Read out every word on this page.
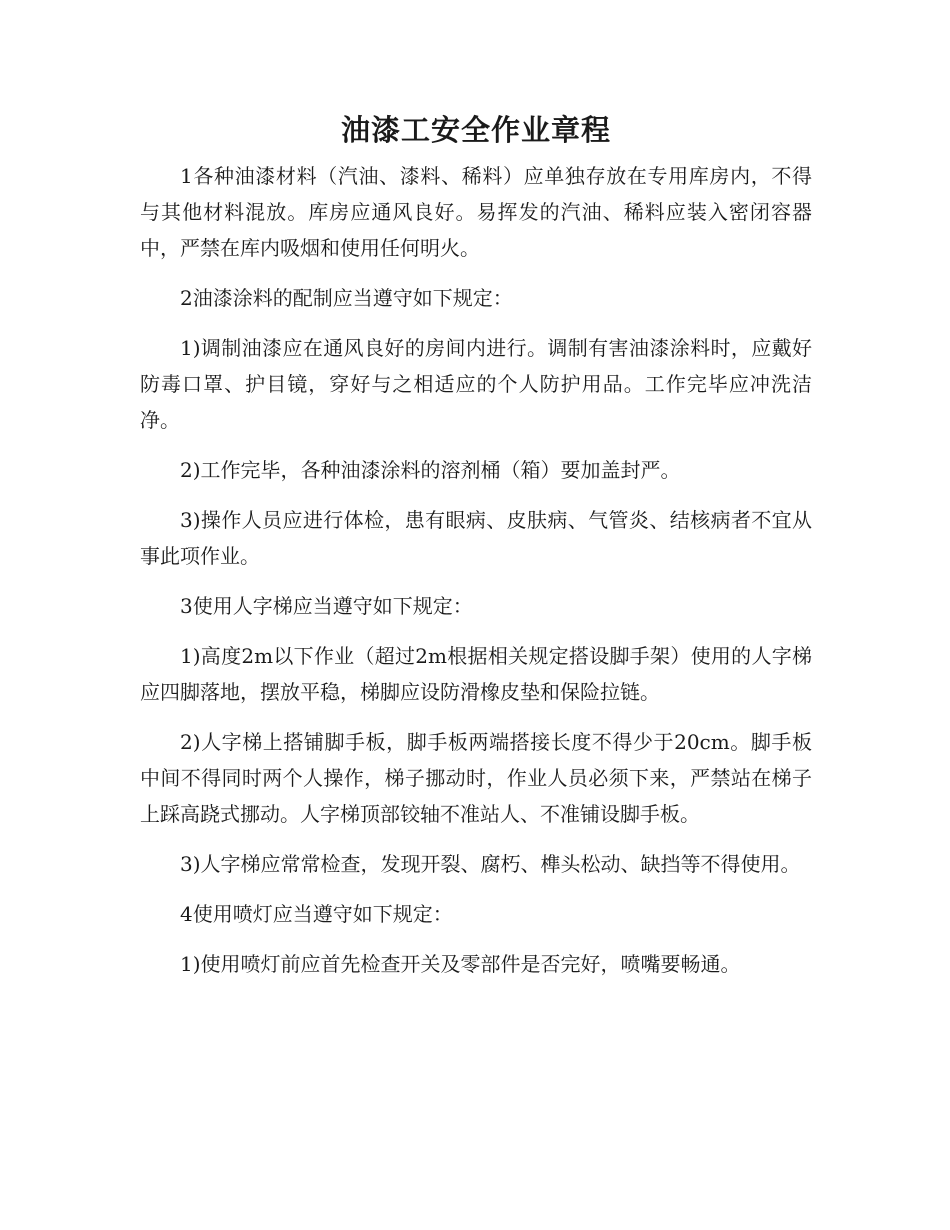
油漆工安全作业章程

1各种油漆材料（汽油、漆料、稀料）应单独存放在专用库房内，不得与其他材料混放。库房应通风良好。易挥发的汽油、稀料应装入密闭容器中，严禁在库内吸烟和使用任何明火。

2油漆涂料的配制应当遵守如下规定：

1)调制油漆应在通风良好的房间内进行。调制有害油漆涂料时，应戴好防毒口罩、护目镜，穿好与之相适应的个人防护用品。工作完毕应冲洗洁净。

2)工作完毕，各种油漆涂料的溶剂桶（箱）要加盖封严。

3)操作人员应进行体检，患有眼病、皮肤病、气管炎、结核病者不宜从事此项作业。

3使用人字梯应当遵守如下规定：

1)高度2m以下作业（超过2m根据相关规定搭设脚手架）使用的人字梯应四脚落地，摆放平稳，梯脚应设防滑橡皮垫和保险拉链。

2)人字梯上搭铺脚手板，脚手板两端搭接长度不得少于20cm。脚手板中间不得同时两个人操作，梯子挪动时，作业人员必须下来，严禁站在梯子上踩高跷式挪动。人字梯顶部铰轴不准站人、不准铺设脚手板。

3)人字梯应常常检查，发现开裂、腐朽、榫头松动、缺挡等不得使用。

4使用喷灯应当遵守如下规定：

1)使用喷灯前应首先检查开关及零部件是否完好，喷嘴要畅通。
